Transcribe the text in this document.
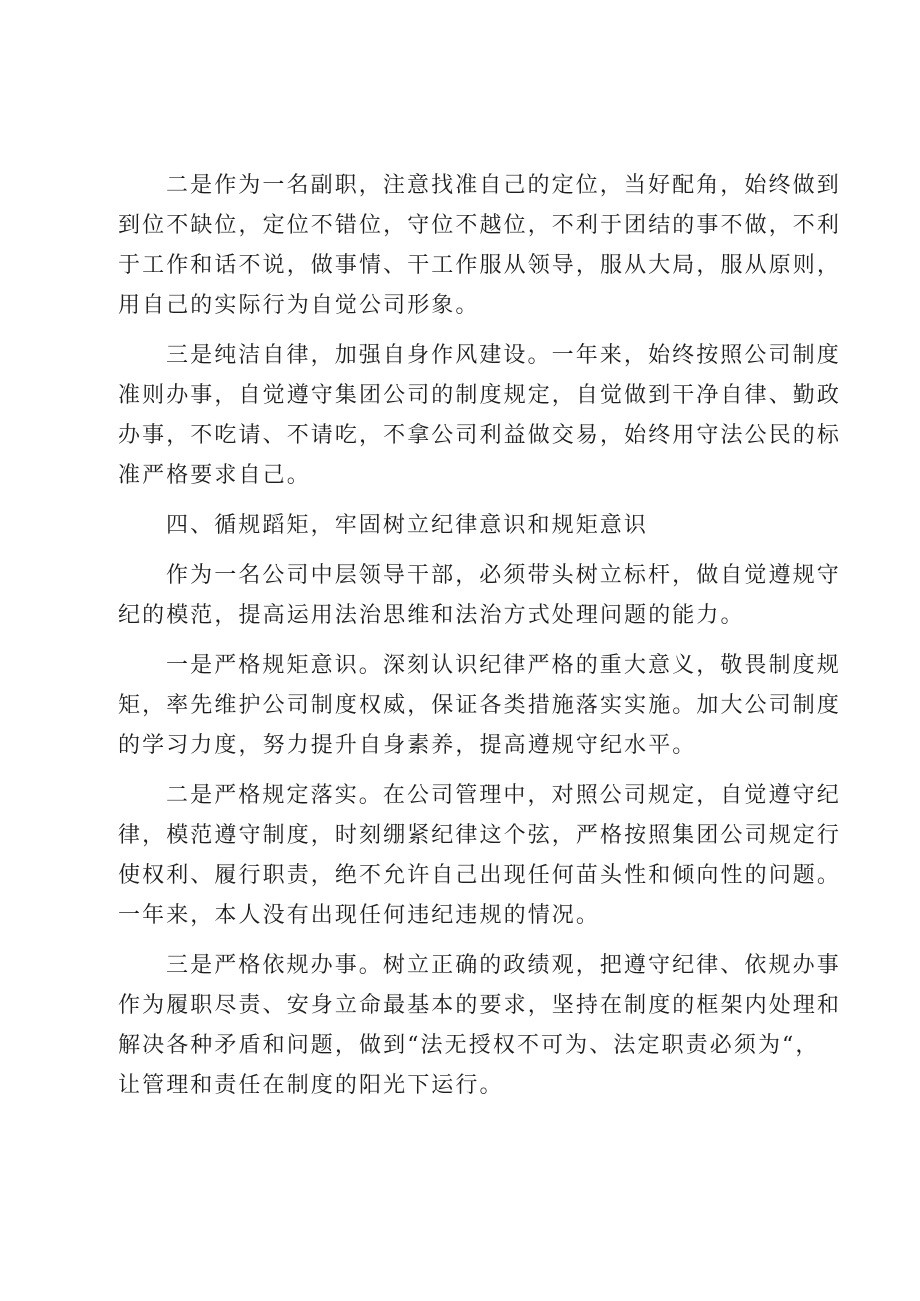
二是作为一名副职，注意找准自己的定位，当好配角，始终做到
到位不缺位，定位不错位，守位不越位，不利于团结的事不做，不利
于工作和话不说，做事情、干工作服从领导，服从大局，服从原则，
用自己的实际行为自觉公司形象。
三是纯洁自律，加强自身作风建设。一年来，始终按照公司制度
准则办事，自觉遵守集团公司的制度规定，自觉做到干净自律、勤政
办事，不吃请、不请吃，不拿公司利益做交易，始终用守法公民的标
准严格要求自己。
四、循规蹈矩，牢固树立纪律意识和规矩意识
作为一名公司中层领导干部，必须带头树立标杆，做自觉遵规守
纪的模范，提高运用法治思维和法治方式处理问题的能力。
一是严格规矩意识。深刻认识纪律严格的重大意义，敬畏制度规
矩，率先维护公司制度权威，保证各类措施落实实施。加大公司制度
的学习力度，努力提升自身素养，提高遵规守纪水平。
二是严格规定落实。在公司管理中，对照公司规定，自觉遵守纪
律，模范遵守制度，时刻绷紧纪律这个弦，严格按照集团公司规定行
使权利、履行职责，绝不允许自己出现任何苗头性和倾向性的问题。
一年来，本人没有出现任何违纪违规的情况。
三是严格依规办事。树立正确的政绩观，把遵守纪律、依规办事
作为履职尽责、安身立命最基本的要求，坚持在制度的框架内处理和
解决各种矛盾和问题，做到“法无授权不可为、法定职责必须为“，
让管理和责任在制度的阳光下运行。
